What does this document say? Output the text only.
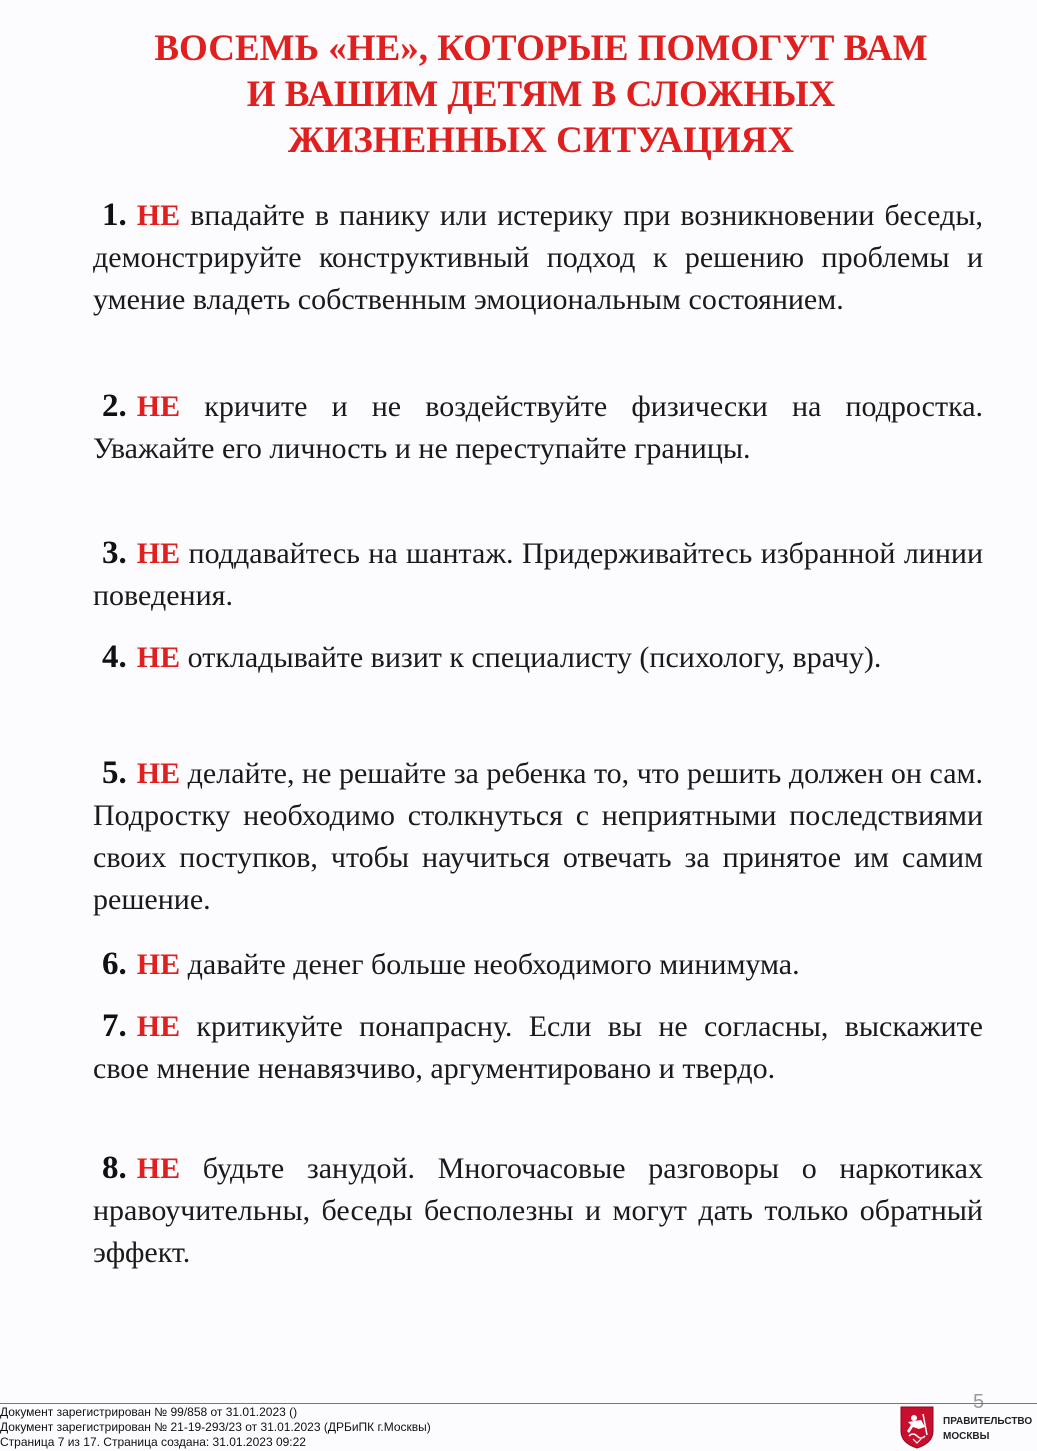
ВОСЕМЬ «НЕ», КОТОРЫЕ ПОМОГУТ ВАМ
И ВАШИМ ДЕТЯМ В СЛОЖНЫХ
ЖИЗНЕННЫХ СИТУАЦИЯХ
1. НЕ впадайте в панику или истерику при возникновении беседы, демонстрируйте конструктивный подход к решению проблемы и умение владеть собственным эмоциональным состоянием.
2. НЕ кричите и не воздействуйте физически на подростка. Уважайте его личность и не переступайте границы.
3. НЕ поддавайтесь на шантаж. Придерживайтесь избранной линии поведения.
4. НЕ откладывайте визит к специалисту (психологу, врачу).
5. НЕ делайте, не решайте за ребенка то, что решить должен он сам. Подростку необходимо столкнуться с неприятными последствиями своих поступков, чтобы научиться отвечать за принятое им самим решение.
6. НЕ давайте денег больше необходимого минимума.
7. НЕ критикуйте понапрасну. Если вы не согласны, выскажите свое мнение ненавязчиво, аргументировано и твердо.
8. НЕ будьте занудой. Многочасовые разговоры о наркотиках нравоучительны, беседы бесполезны и могут дать только обратный эффект.
5
Документ зарегистрирован № 99/858 от 31.01.2023 ()
Документ зарегистрирован № 21-19-293/23 от 31.01.2023 (ДРБиПК г.Москвы)
Страница 7 из 17. Страница создана: 31.01.2023 09:22
ПРАВИТЕЛЬСТВО
МОСКВЫ
